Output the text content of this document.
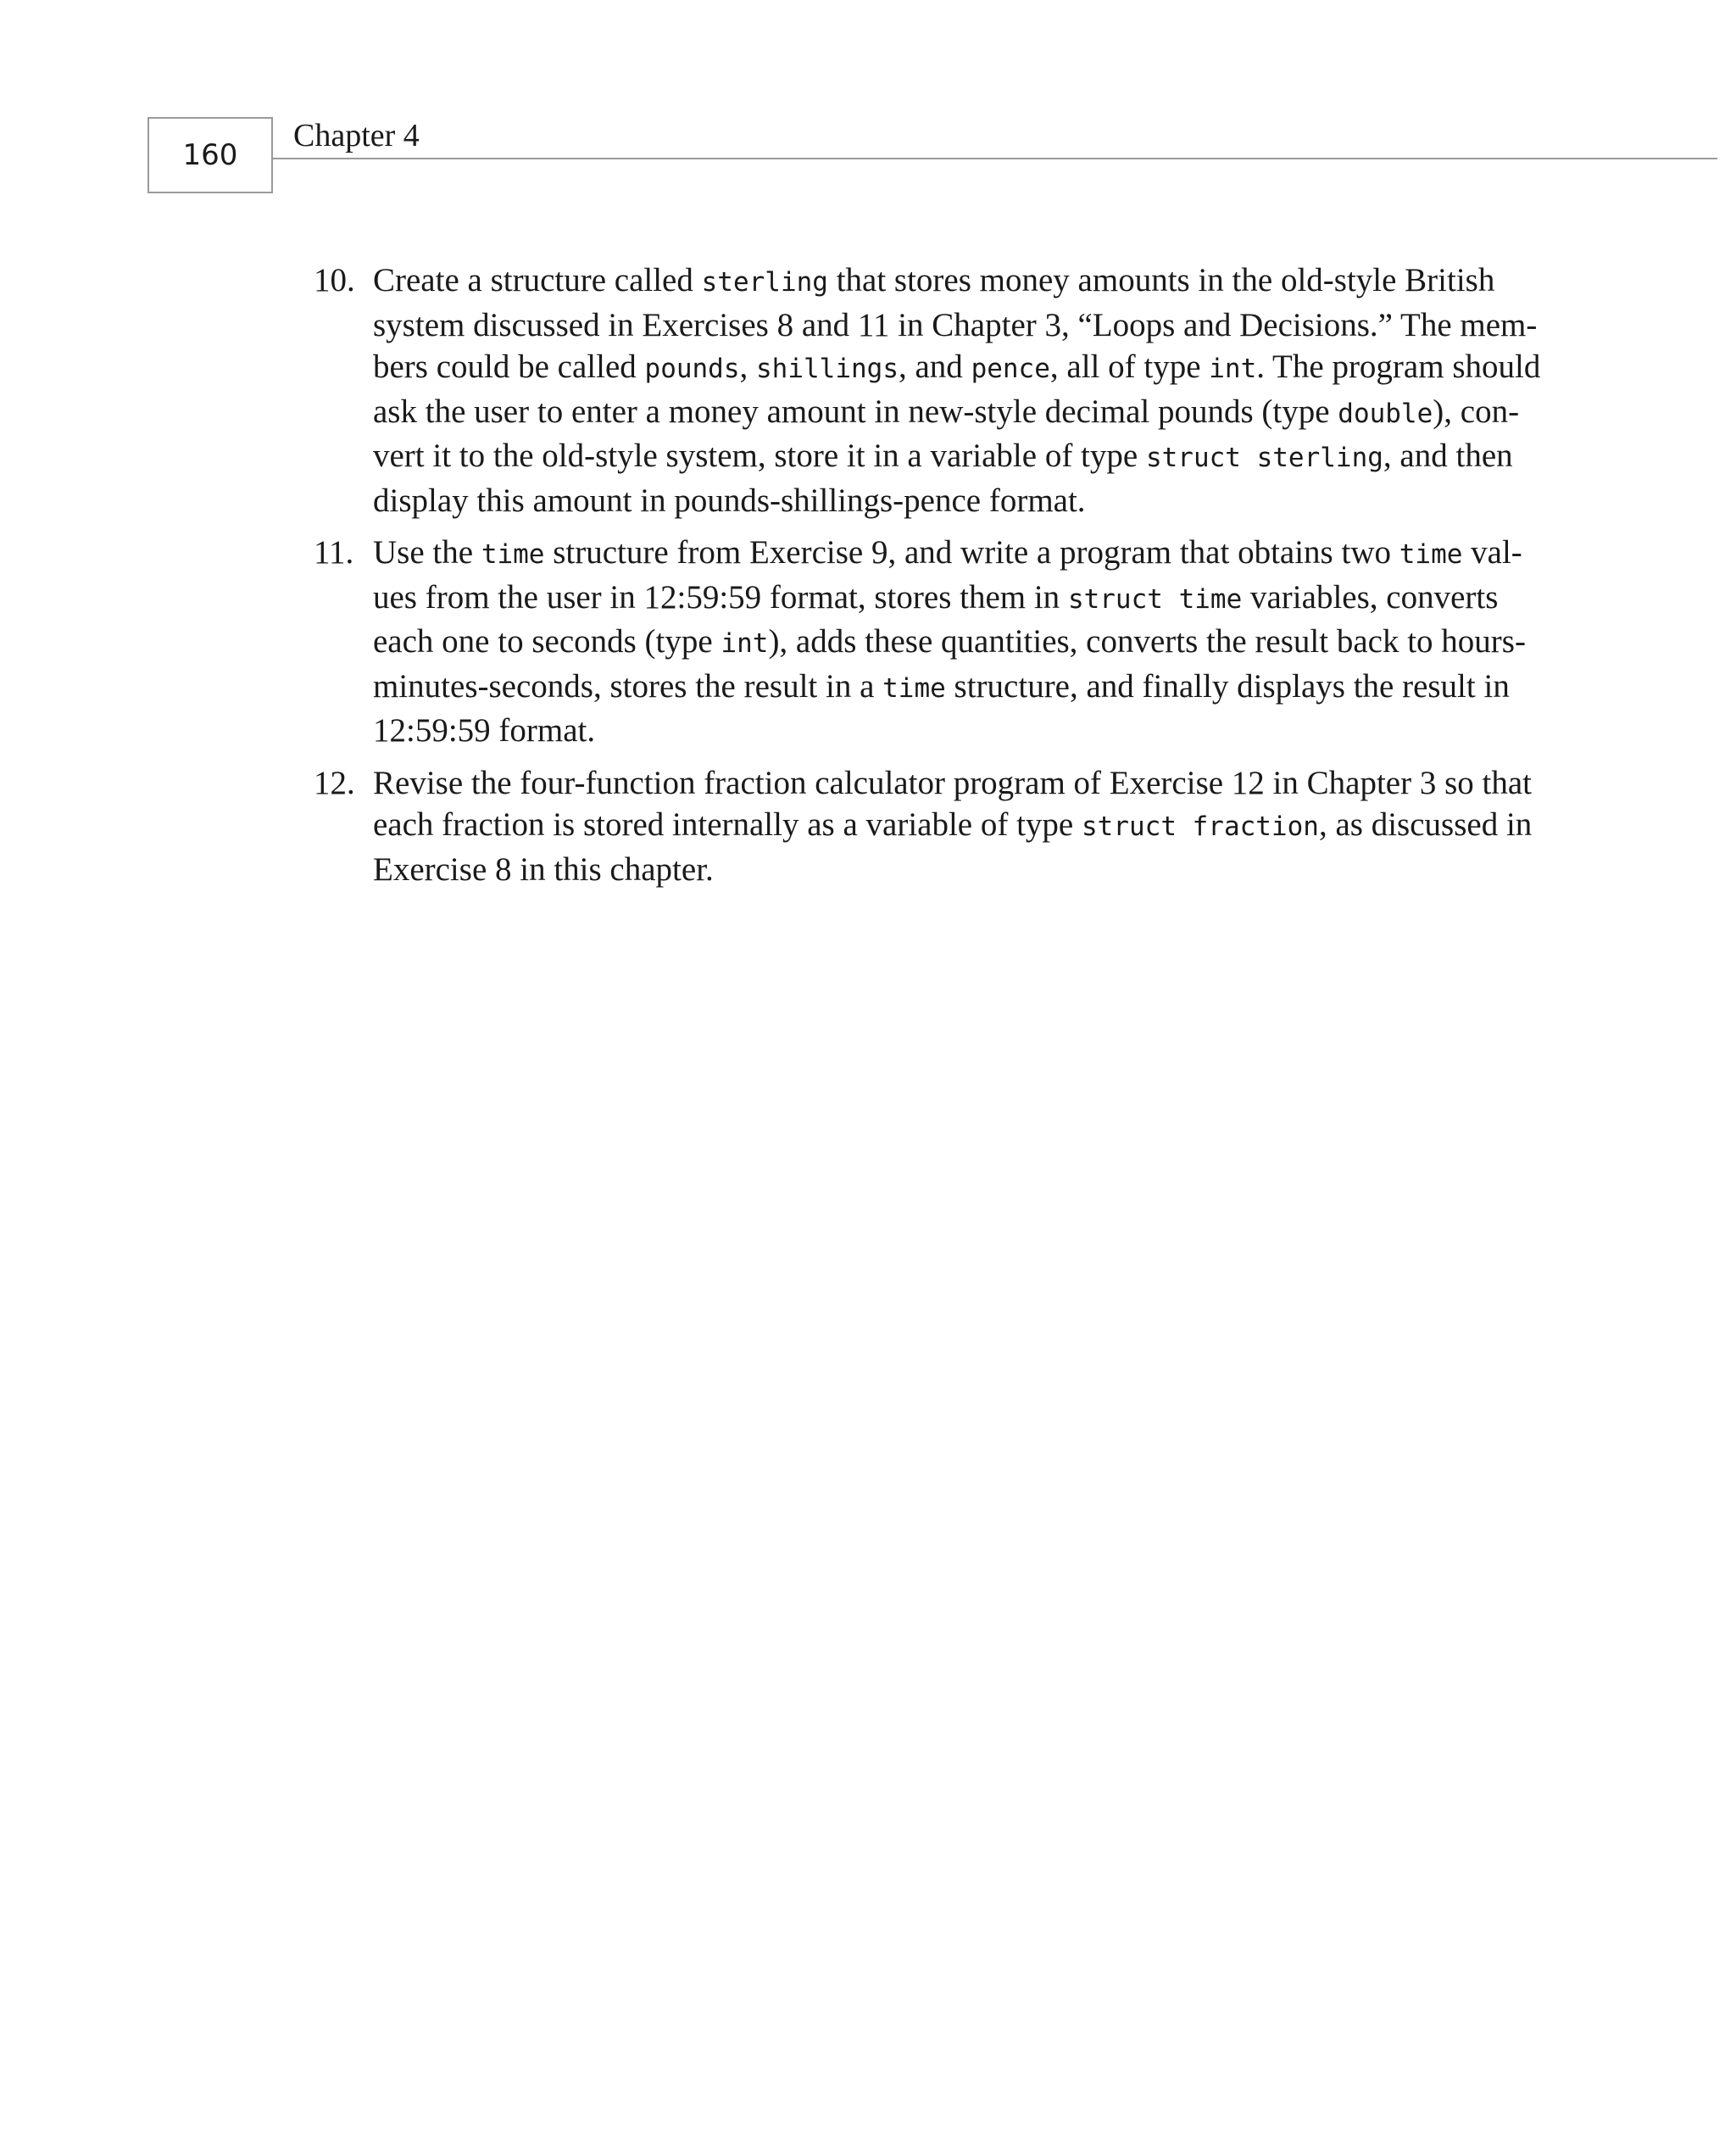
160
Chapter 4
10. Create a structure called sterling that stores money amounts in the old-style British
system discussed in Exercises 8 and 11 in Chapter 3, “Loops and Decisions.” The mem-
bers could be called pounds, shillings, and pence, all of type int. The program should
ask the user to enter a money amount in new-style decimal pounds (type double), con-
vert it to the old-style system, store it in a variable of type struct sterling, and then
display this amount in pounds-shillings-pence format.
11. Use the time structure from Exercise 9, and write a program that obtains two time val-
ues from the user in 12:59:59 format, stores them in struct time variables, converts
each one to seconds (type int), adds these quantities, converts the result back to hours-
minutes-seconds, stores the result in a time structure, and finally displays the result in
12:59:59 format.
12. Revise the four-function fraction calculator program of Exercise 12 in Chapter 3 so that
each fraction is stored internally as a variable of type struct fraction, as discussed in
Exercise 8 in this chapter.
